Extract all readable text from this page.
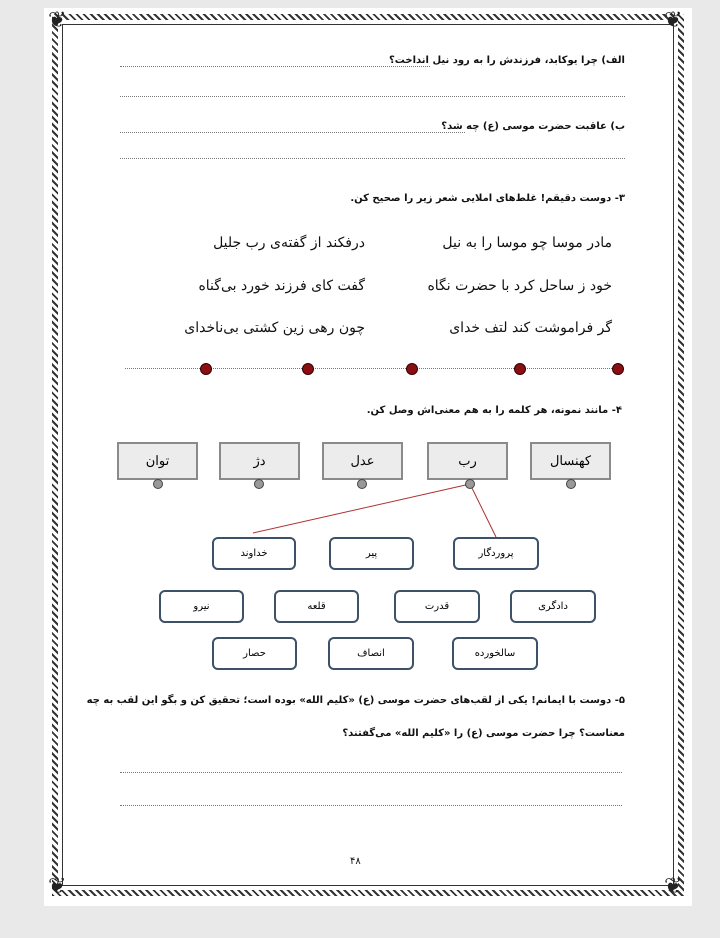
❦	❦
❦	❦
الف) چرا یوکابد، فرزندش را به رود نیل انداخت؟
ب) عاقبت حضرت موسی (ع) چه شد؟
۳- دوست دقیقم! غلط‌های املایی شعر زیر را صحیح کن.
مادر موسا چو موسا را به نیل
درفکند از گفته‌ی رب جلیل
خود ز ساحل کرد با حضرت نگاه
گفت کای فرزند خورد بی‌گناه
گر فراموشت کند لتف خدای
چون رهی زین کشتی بی‌ناخدای
۴- مانند نمونه، هر کلمه را به هم معنی‌اش وصل کن.
کهنسال
رب
عدل
دژ
توان
پروردگار
پیر
خداوند
دادگری
قدرت
قلعه
نیرو
سالخورده
انصاف
حصار
۵- دوست با ایمانم! یکی از لقب‌های حضرت موسی (ع) «کلیم الله» بوده است؛ تحقیق کن و بگو این لقب به چه
معناست؟ چرا حضرت موسی (ع) را «کلیم الله» می‌گفتند؟
۴۸
